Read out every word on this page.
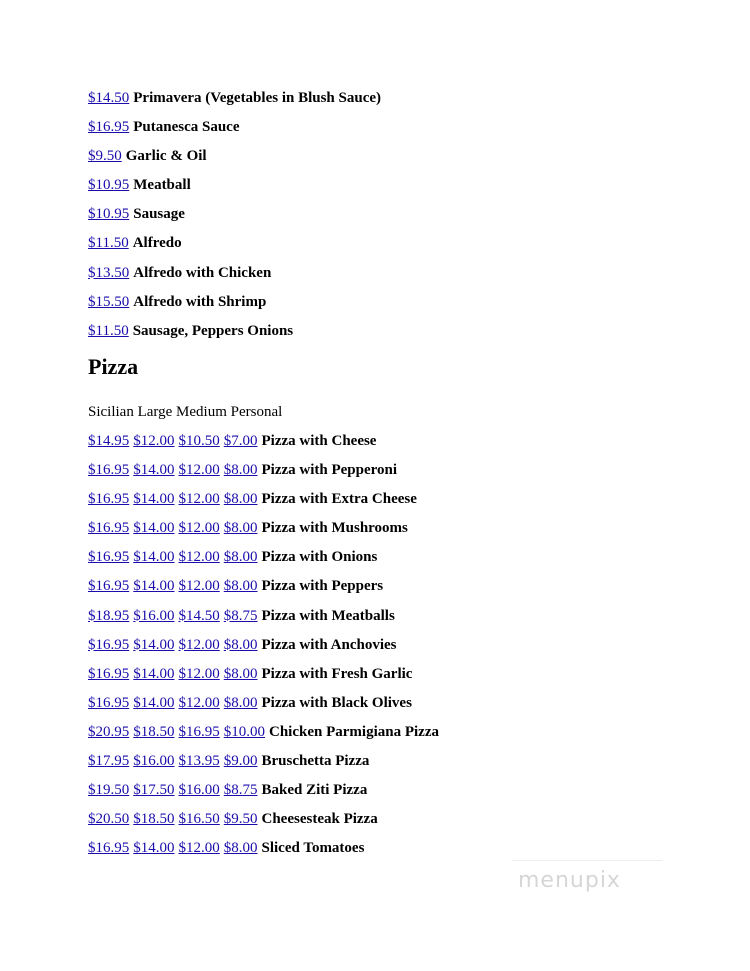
$14.50 Primavera (Vegetables in Blush Sauce)
$16.95 Putanesca Sauce
$9.50 Garlic & Oil
$10.95 Meatball
$10.95 Sausage
$11.50 Alfredo
$13.50 Alfredo with Chicken
$15.50 Alfredo with Shrimp
$11.50 Sausage, Peppers Onions
Pizza
Sicilian Large Medium Personal
$14.95 $12.00 $10.50 $7.00 Pizza with Cheese
$16.95 $14.00 $12.00 $8.00 Pizza with Pepperoni
$16.95 $14.00 $12.00 $8.00 Pizza with Extra Cheese
$16.95 $14.00 $12.00 $8.00 Pizza with Mushrooms
$16.95 $14.00 $12.00 $8.00 Pizza with Onions
$16.95 $14.00 $12.00 $8.00 Pizza with Peppers
$18.95 $16.00 $14.50 $8.75 Pizza with Meatballs
$16.95 $14.00 $12.00 $8.00 Pizza with Anchovies
$16.95 $14.00 $12.00 $8.00 Pizza with Fresh Garlic
$16.95 $14.00 $12.00 $8.00 Pizza with Black Olives
$20.95 $18.50 $16.95 $10.00 Chicken Parmigiana Pizza
$17.95 $16.00 $13.95 $9.00 Bruschetta Pizza
$19.50 $17.50 $16.00 $8.75 Baked Ziti Pizza
$20.50 $18.50 $16.50 $9.50 Cheesesteak Pizza
$16.95 $14.00 $12.00 $8.00 Sliced Tomatoes
menupix
